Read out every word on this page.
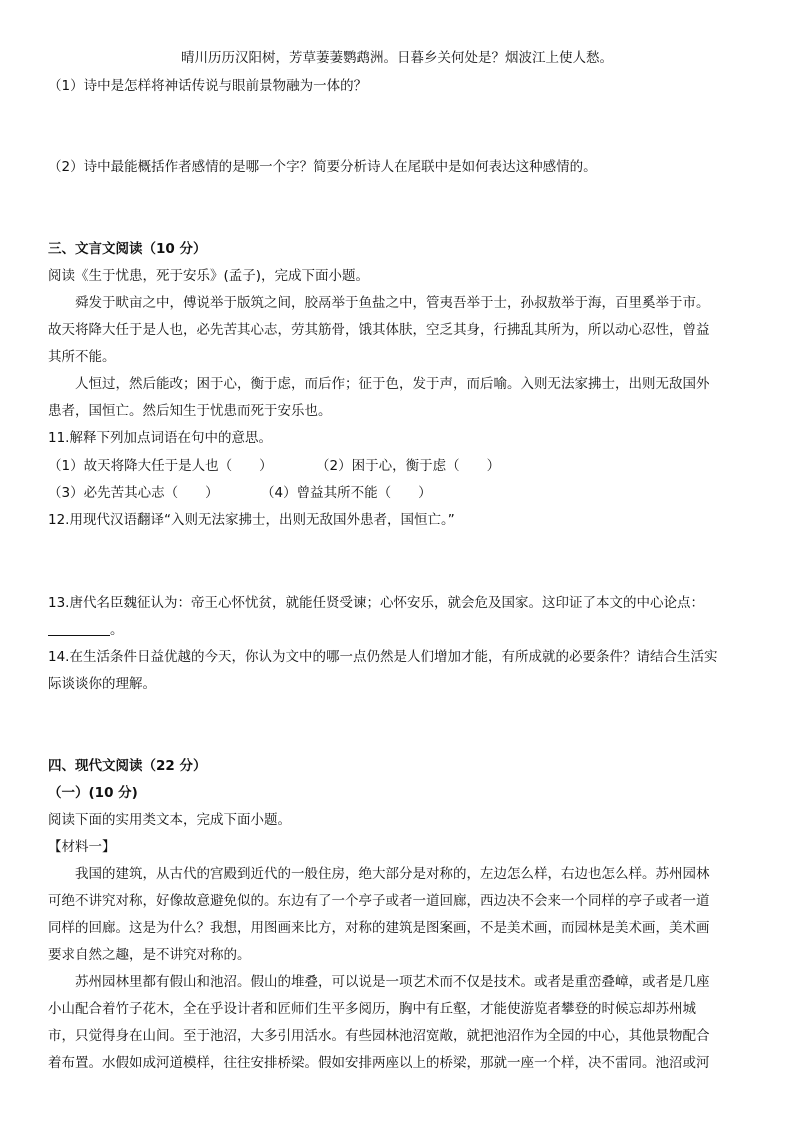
晴川历历汉阳树，芳草萋萋鹦鹉洲。日暮乡关何处是？烟波江上使人愁。
（1）诗中是怎样将神话传说与眼前景物融为一体的？
（2）诗中最能概括作者感情的是哪一个字？简要分析诗人在尾联中是如何表达这种感情的。
三、文言文阅读（10 分）
阅读《生于忧患，死于安乐》(孟子)，完成下面小题。
舜发于畎亩之中，傅说举于版筑之间，胶鬲举于鱼盐之中，管夷吾举于士，孙叔敖举于海，百里奚举于市。
故天将降大任于是人也，必先苦其心志，劳其筋骨，饿其体肤，空乏其身，行拂乱其所为，所以动心忍性，曾益
其所不能。
人恒过，然后能改；困于心，衡于虑，而后作；征于色，发于声，而后喻。入则无法家拂士，出则无敌国外
患者，国恒亡。然后知生于忧患而死于安乐也。
11.解释下列加点词语在句中的意思。
（1）故天将降大任于是人也（　　）	（2）困于心，衡于虑（　　）
（3）必先苦其心志（　　）	（4）曾益其所不能（　　）
12.用现代汉语翻译“入则无法家拂士，出则无敌国外患者，国恒亡。”
13.唐代名臣魏征认为：帝王心怀忧贫，就能任贤受谏；心怀安乐，就会危及国家。这印证了本文的中心论点：
。
14.在生活条件日益优越的今天，你认为文中的哪一点仍然是人们增加才能，有所成就的必要条件？请结合生活实
际谈谈你的理解。
四、现代文阅读（22 分）
（一）(10 分)
阅读下面的实用类文本，完成下面小题。
【材料一】
我国的建筑，从古代的宫殿到近代的一般住房，绝大部分是对称的，左边怎么样，右边也怎么样。苏州园林
可绝不讲究对称，好像故意避免似的。东边有了一个亭子或者一道回廊，西边决不会来一个同样的亭子或者一道
同样的回廊。这是为什么？我想，用图画来比方，对称的建筑是图案画，不是美术画，而园林是美术画，美术画
要求自然之趣，是不讲究对称的。
苏州园林里都有假山和池沼。假山的堆叠，可以说是一项艺术而不仅是技术。或者是重峦叠嶂，或者是几座
小山配合着竹子花木，全在乎设计者和匠师们生平多阅历，胸中有丘壑，才能使游览者攀登的时候忘却苏州城
市，只觉得身在山间。至于池沼，大多引用活水。有些园林池沼宽敞，就把池沼作为全园的中心，其他景物配合
着布置。水假如成河道模样，往往安排桥梁。假如安排两座以上的桥梁，那就一座一个样，决不雷同。池沼或河
